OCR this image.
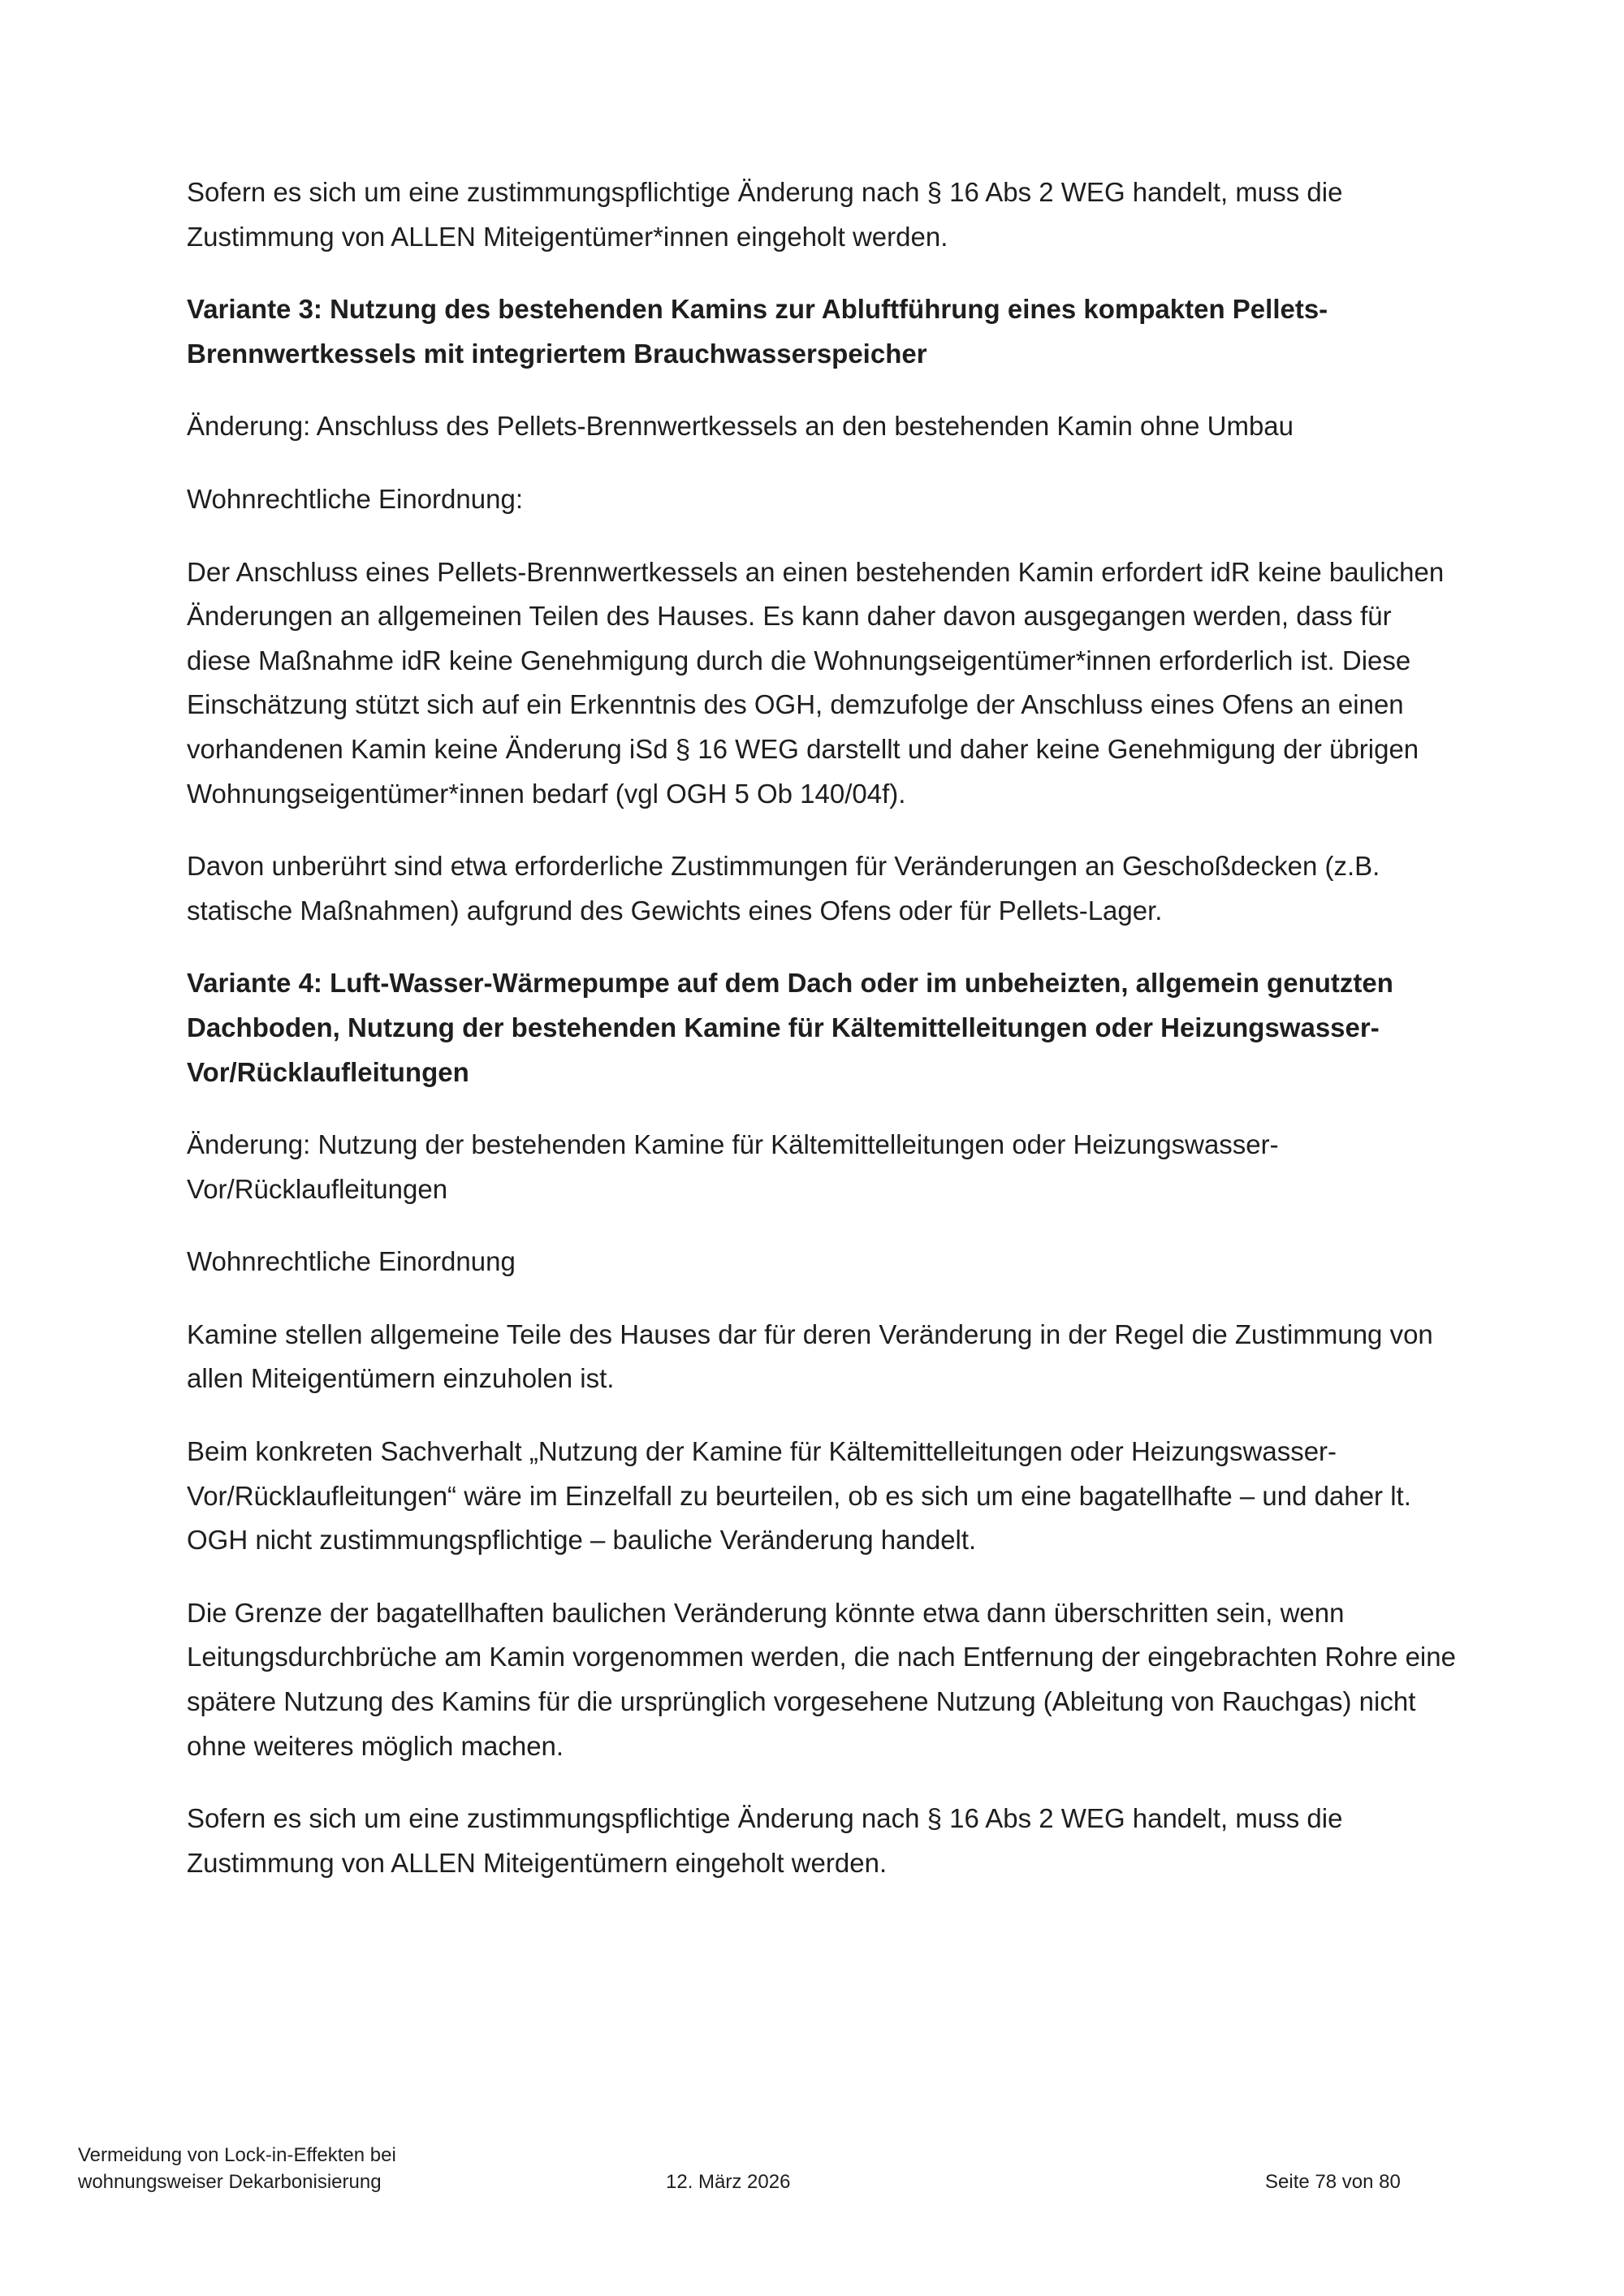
Sofern es sich um eine zustimmungspflichtige Änderung nach § 16 Abs 2 WEG handelt, muss die Zustimmung von ALLEN Miteigentümer*innen eingeholt werden.

Variante 3: Nutzung des bestehenden Kamins zur Abluftführung eines kompakten Pellets-Brennwertkessels mit integriertem Brauchwasserspeicher

Änderung: Anschluss des Pellets-Brennwertkessels an den bestehenden Kamin ohne Umbau

Wohnrechtliche Einordnung:

Der Anschluss eines Pellets-Brennwertkessels an einen bestehenden Kamin erfordert idR keine baulichen Änderungen an allgemeinen Teilen des Hauses. Es kann daher davon ausgegangen werden, dass für diese Maßnahme idR keine Genehmigung durch die Wohnungseigentümer*innen erforderlich ist. Diese Einschätzung stützt sich auf ein Erkenntnis des OGH, demzufolge der Anschluss eines Ofens an einen vorhandenen Kamin keine Änderung iSd § 16 WEG darstellt und daher keine Genehmigung der übrigen Wohnungseigentümer*innen bedarf (vgl OGH 5 Ob 140/04f).

Davon unberührt sind etwa erforderliche Zustimmungen für Veränderungen an Geschoßdecken (z.B. statische Maßnahmen) aufgrund des Gewichts eines Ofens oder für Pellets-Lager.

Variante 4: Luft-Wasser-Wärmepumpe auf dem Dach oder im unbeheizten, allgemein genutzten Dachboden, Nutzung der bestehenden Kamine für Kältemittelleitungen oder Heizungswasser-Vor/Rücklaufleitungen

Änderung: Nutzung der bestehenden Kamine für Kältemittelleitungen oder Heizungswasser-Vor/Rücklaufleitungen

Wohnrechtliche Einordnung

Kamine stellen allgemeine Teile des Hauses dar für deren Veränderung in der Regel die Zustimmung von allen Miteigentümern einzuholen ist.

Beim konkreten Sachverhalt „Nutzung der Kamine für Kältemittelleitungen oder Heizungswasser-Vor/Rücklaufleitungen“ wäre im Einzelfall zu beurteilen, ob es sich um eine bagatellhafte – und daher lt. OGH nicht zustimmungspflichtige – bauliche Veränderung handelt.

Die Grenze der bagatellhaften baulichen Veränderung könnte etwa dann überschritten sein, wenn Leitungsdurchbrüche am Kamin vorgenommen werden, die nach Entfernung der eingebrachten Rohre eine spätere Nutzung des Kamins für die ursprünglich vorgesehene Nutzung (Ableitung von Rauchgas) nicht ohne weiteres möglich machen.

Sofern es sich um eine zustimmungspflichtige Änderung nach § 16 Abs 2 WEG handelt, muss die Zustimmung von ALLEN Miteigentümern eingeholt werden.

Vermeidung von Lock-in-Effekten bei
wohnungsweiser Dekarbonisierung	12. März 2026	Seite 78 von 80
